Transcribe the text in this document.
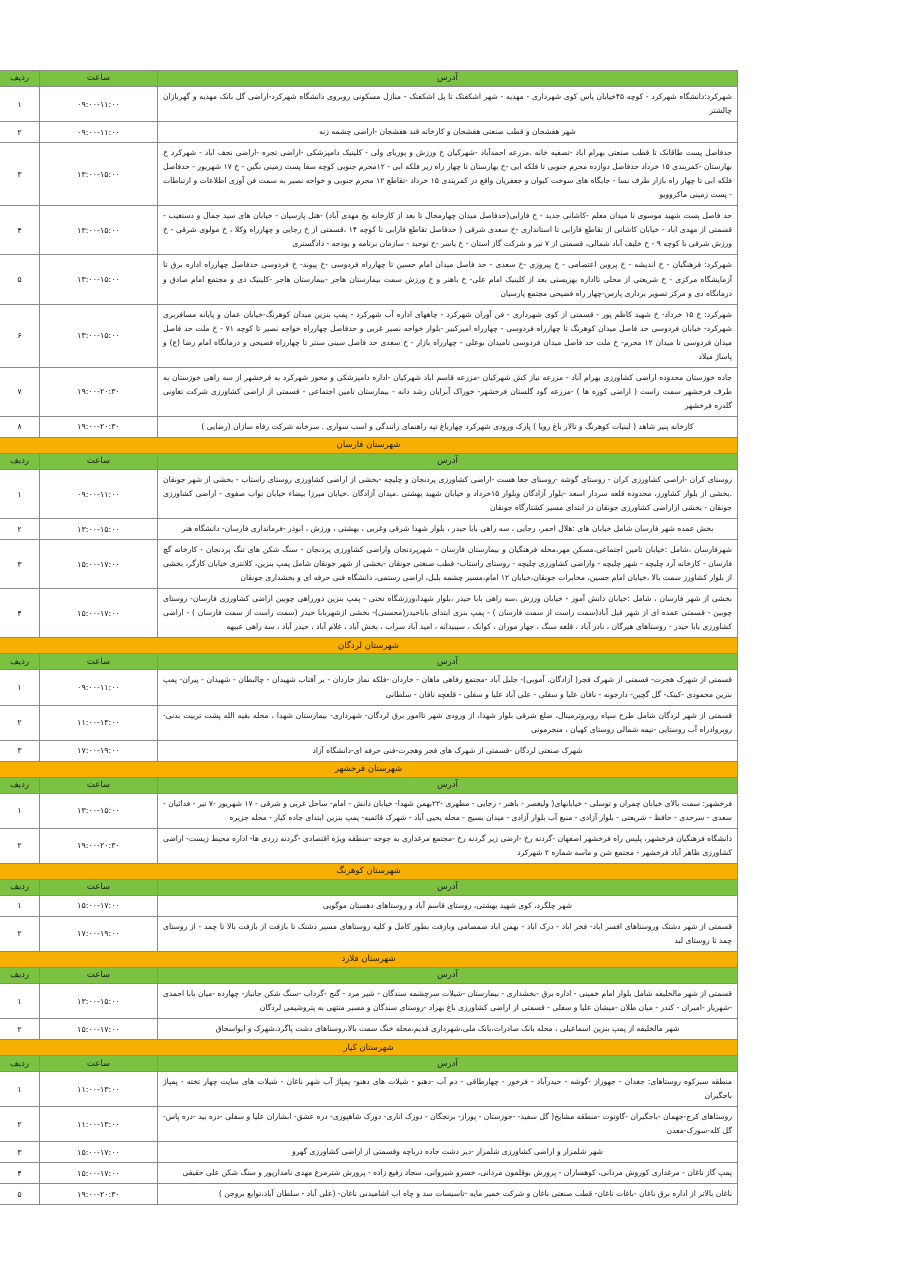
آدرس	ساعت	ردیف
شهرکرد:دانشگاه شهرکرد - کوچه ۴۵خیابان یاس کوی شهرداری - مهدیه - شهر اشکفتک تا پل اشکفتک - منازل مسکونی روبروی دانشگاه شهرکرد-اراضی گل بانک مهدیه و گهربازان چالشتر	۰۹:۰۰-۱۱:۰۰	۱
شهر هفشجان و قطب صنعتی هفشجان و کارخانه قند هفشجان -اراضی چشمه زنه	۰۹:۰۰-۱۱:۰۰	۲
حدفاصل پست طاقانک تا قطب صنعتی بهرام اباد -تصفیه خانه .مزرعه احمدآباد -شهرکیان خ ورزش و پوربای ولی - کلینیک دامپزشکی -اراضی تجره -اراضی نجف اباد - شهرکرد خ بهارستان -کمربندی ۱۵ خرداد حدفاصل دوازده محرم جنوبی تا فلکه ابی -خ بهارستان تا چهار راه زیر فلکه ابی - ۱۲محرم جنوبی کوچه سفا پست زمینی نگین - خ ۱۷ شهریور - حدفاصل فلکه ابی تا چهار راه بازار طرف نسا - جایگاه های سوخت کیوان و جعفریان واقع در کمربندی ۱۵ خرداد -تقاطع ۱۲ محرم جنوبی و خواجه نصیر به سمت فن آوری اطلاعات و ارتباطات - پست زمینی ماکروویو	۱۳:۰۰-۱۵:۰۰	۳
حد فاصل پست شهید موسوی تا میدان معلم -کاشانی جدید - خ فارابی(حدفاصل میدان چهارمحال تا بعد از کارخانه یخ مهدی آباد) -هتل پارسیان - خیابان های سید جمال و دستغیب - قسمتی از مهدی اباد - خیابان کاشانی از تقاطع فارابی تا استانداری -خ سعدی شرقی ( حدفاصل تقاطع فارابی تا کوچه ۱۴ ،قسمتی از خ رجایی و چهارراه وکلا ، خ مولوی شرقی - خ ورزش شرقی تا کوچه ۹ - خ خلیف آباد شمالی، قسمتی از ۷ تیر و شرکت گاز استان - خ یاسر -خ توحید - سازمان برنامه و بودجه - دادگستری	۱۳:۰۰-۱۵:۰۰	۴
شهرکرد: فرهنگیان - خ اندیشه - خ پروین اعتصامی - خ پیروزی -خ سعدی - حد فاصل میدان امام حسین تا چهارراه فردوسی -خ پیوند- خ فردوسی حدفاصل چهارراه اداره برق تا آزمایشگاه مرکزی - خ شریعتی از محلی تااداره بهزیستی بعد از کلینیک امام علی- خ باهنر و خ ورزش سمت بیمارستان هاجر -بیمارستان هاجر -کلینیک دی و مجتمع امام صادق و درمانگاه دی و مرکز تصویر برداری پارس-چهار راه فصیحی مجتمع پارسیان	۱۳:۰۰-۱۵:۰۰	۵
شهرکرد: خ ۱۵ خرداد- خ شهید کاظم پور - قسمتی از کوی شهرداری - فن آوران شهرکرد - چاههای اداره آب شهرکرد - پمپ بنزین میدان کوهرنگ-خیابان عمان و پایانه مسافربری شهرکرد- خیابان فردوسی حد فاصل میدان کوهرنگ تا چهارراه فردوسی - چهارراه امیرکبیر -بلوار خواجه نصیر غربی و حدفاصل چهارراه خواجه نصیر تا کوچه ۷۱ - خ ملت حد فاصل میدان فردوسی تا میدان ۱۲ محرم- خ ملت حد فاصل میدان فردوسی تامیدان بوعلی - چهارراه بازار - خ سعدی حد فاصل سینی سنتر تا چهارراه فصیحی و درمانگاه امام رضا (ع) و پاساژ میلاد	۱۳:۰۰-۱۵:۰۰	۶
جاده خوزستان محدوده اراضی کشاورزی بهرام آباد - مزرعه نیاز کش شهرکیان -مزرعه قاسم اباد شهرکیان -اداره دامپزشکی و محور شهرکرد به فرخشهر از سه راهی خوزستان به طرف فرخشهر سمت راست ( اراضی کوره ها ) -مزرعه گود گلستان فرخشهر- خوراک آبزایان رشد دانه - بیمارستان تامین اجتماعی - قسمتی از اراضی کشاورزی شرکت تعاونی گلدره فرخشهر	۱۹:۰۰-۲۰:۳۰	۷
کارخانه پنیر شاهد ( لبنیات کوهرنگ و تالار باغ رویا ) پارک ورودی شهرکرد چهارباغ تپه راهنمای رانندگی و اسب سواری . سرخانه شرکت رفاه سازان (رضایی )	۱۹:۰۰-۲۰:۳۰	۸
شهرستان فارسان		
آدرس	ساعت	ردیف
روستای کران -اراضی کشاورزی کران - روستای گوشه -روستای جغا هست -اراضی کشاورزی پردنجان و چلیچه -بخشی از اراضی کشاورزی روستای راستاب - بخشی از شهر جونقان .بخشی از بلوار کشاورز، محدوده قلعه سردار اسعد -بلوار آزادگان وبلوار ۱۵خرداد و خیابان شهید بهشتی .میدان آزادگان .خیابان میرزا بیضاء خیابان نواب صفوی - اراضی کشاورزی جونقان - بخشی ازاراضی کشاورزی جونقان در ابتدای مسیر کشتارگاه جونقان	۰۹:۰۰-۱۱:۰۰	۱
بخش عمده شهر فارسان شامل خیابان های :هلال احمر، رجایی ، سه راهی بابا حیدر ، بلوار شهدا شرقی وغربی ، بهشتی ، ورزش ، ابوذر -فرمانداری فارسان- دانشگاه هنر	۱۳:۰۰-۱۵:۰۰	۲
شهرفارسان ،شامل :خیابان تامین اجتماعی،مسکن مهر،محله فرهنگیان و بیمارستان فارسان - شهرپردنجان واراضی کشاورزی پردنجان - سنگ شکن های تنگ پردنجان - کارخانه گچ فارسان - کارخانه آرد چلیچه - شهر چلیچه - واراضی کشاورزی چلیچه - روستای راستاب- قطب صنعتی جونقان -بخشی از شهر جونقان شامل پمپ بنزین، کلانتری خیابان کارگر، بخشی از بلوار کشاورز سمت بالا ،خیابان امام حسین، مخابرات جونقان،خیابان ۱۲ امام،مسیر چشمه بلبل، اراضی رستمی، دانشگاه فنی حرفه ای و بخشداری جونقان	۱۵:۰۰-۱۷:۰۰	۳
بخشی از شهر فارسان ، شامل :خیابان دانش آموز - خیابان ورزش ،سه راهی بابا حیدر ،بلوار شهدا،ورزشگاه تختی - پمپ بنزین دورراهی چوبین اراضی کشاورزی فارسان- روستای چوبین - قسمتی عمده ای از شهر قبل آباد(سمت راست از سمت فارسان ) - پمپ بنزی ابتدای باباحیدر(محسنی)- بخشی ازشهربابا حیدر (سمت راست از سمت فارسان ) - اراضی کشاورزی بابا حیدر - روستاهای هیرگان ، نادر آباد ، قلعه سنگ ، جهار موران ، کوانک ، سیبیدانه ، امید آباد سراب ، بخش آباد ، غلام آباد ، حیدر آباد ، سه راهی عبیهه	۱۵:۰۰-۱۷:۰۰	۴
شهرستان لردگان		
آدرس	ساعت	ردیف
قسمتی از شهرک هجرت- قسمتی از شهرک فجر( آزادگان. آموبی)- جلیل آباد -مجتمع رفاهی ماهان - خاردان -فلکه نماز خاردان - بر آفتاب شهیدان - چالبطان - شهیدان - پیران- پمپ بنزین محمودی -کینک- گل گچین- دارجونه - نافان علیا و سفلی - علی آباد علیا و سفلی - قلعچه نافان - سلطانی	۰۹:۰۰-۱۱:۰۰	۱
قسمتی از شهر لردگان شامل طرح سپاه روبروترمینال، ضلع شرقی بلوار شهدا، از ورودی شهر تاامور برق لردگان- شهرداری- بیمارستان شهدا ، محله بقیه الله پشت تربیت بدنی-روبروادراه آب روستایی -نیمه شمالی روستای کهیان ، منجرمونی	۱۱:۰۰-۱۳:۰۰	۲
شهرک صنعتی لردگان -قسمتی از شهرک های فجر وهجرت-فنی حرفه ای-دانشگاه آزاد	۱۷:۰۰-۱۹:۰۰	۳
شهرستان فرخشهر		
آدرس	ساعت	ردیف
فرخشهر: سمت بالای خیابان چمران و توسلی - خیابانهای( ولیعصر - باهنر - رجایی - مطهری -۲۲بهمن شهدا- خیابان دانش - امام- ساحل غربی و شرقی - ۱۷ شهریور -۷ تیر - فدائیان - سعدی - سرحدی - حافظ - شریعتی - بلوار آزادی - منبع آب بلوار آزادی - میدان بسیج - محله یحیی آباد - شهرک قائمیه- پمپ بنزین ابتدای جاده کیار - محله جزیره	۱۳:۰۰-۱۵:۰۰	۱
دانشگاه فرهنگیان فرخشهر، پلیس راه فرخشهر اصفهان -گردنه رخ -ارضی زیر گردنه رخ -مجتمع مرغداری به جوجه -منطقه ویژه اقتصادی -گردنه زردی ها- اداره محیط زیست- اراضی کشاورزی ظاهر آباد فرخشهر - مجتمع شن و ماسه شماره ۲ شهرکرد	۱۹:۰۰-۲۰:۳۰	۲
شهرستان کوهرنگ		
آدرس	ساعت	ردیف
شهر چلگرد، کوی شهید بهشتی، روستای قاسم آباد و روستاهای دهستان موگویی	۱۵:۰۰-۱۷:۰۰	۱
قسمتی از شهر دشتک وروستاهای افسر اباد- فخر اباد - درک اباد - بهمن اباد صمصامی وبازفت بطور کامل و کلیه روستاهای مسیر دشتک تا بازفت از بازفت بالا تا چمد - از روستای چمد تا روستای لبد	۱۷:۰۰-۱۹:۰۰	۲
شهرستان فلارد		
آدرس	ساعت	ردیف
قسمتی از شهر مالخلیفه شامل بلوار امام خمینی - اداره برق -بخشداری - بیمارستان -شیلات سرچشمه سندگان - شیر مرد - گنج -گرداب -سنگ شکن جانباز- چهارده -میان بابا احمدی -شهریار -امیران - کندر - میان طلان -میشان علیا و سفلی - قسمتی از اراضی کشاورزی باغ بهزاد -روستای سندگان و مسیر منتهی به پتروشیمی لردگان	۱۳:۰۰-۱۵:۰۰	۱
شهر مالخلیفه از پمپ بنزین اسماعیلی ، محله بانک صادرات،بانک ملی،شهرداری قدیم،محله خنگ سمت بالا،روستاهای دشت پاگرد،شهرک و ابواسحاق	۱۵:۰۰-۱۷:۰۰	۲
شهرستان کیار		
آدرس	ساعت	ردیف
منطقه سبزکوه روستاهای: جغدان - جهوراز -گوشه - حیدرآباد - فرخور - چهارطاقی - دم آب -دهنو - شیلات های دهنو- پمپاژ آب شهر ناغان - شیلات های سایت چهار تخته - پمپاژ باجگیران	۱۱:۰۰-۱۳:۰۰	۱
روستاهای کرج-جهمان -باجگیران -گاوتوت -منطقه مشایخ( گل سفید- -جوزستان - پوراز- برنجگان - دورک اناری- دورک شاهپوری- دره عشق- ابشاران علیا و سفلی -دره بید -دره پاس-گل کله-سورک-معدن	۱۱:۰۰-۱۳:۰۰	۲
شهر شلمزار و اراضی کشاورزی شلمزار -دیز دشت جاده درباچه وقسمتی از اراضی کشاورزی گهرو	۱۵:۰۰-۱۷:۰۰	۳
پمپ گاز ناغان - مرغداری کوروش مردانی، کوهساران - پرورش بوقلمون مردانی، خسرو شیروانی، سجاد رفیع زاده - پرورش شترمرغ مهدی نامداریور و سنگ شکن علی حقیقی	۱۵:۰۰-۱۷:۰۰	۴
ناغان بالاتر از اداره برق ناغان -باغات ناغان- قطب صنعتی ناغان و شرکت خمیر مایه -تاسیسات سد و چاه اب اشامیدنی ناغان- (علی آباد - سلطان آباد،توابع بروجن )	۱۹:۰۰-۲۰:۳۰	۵
